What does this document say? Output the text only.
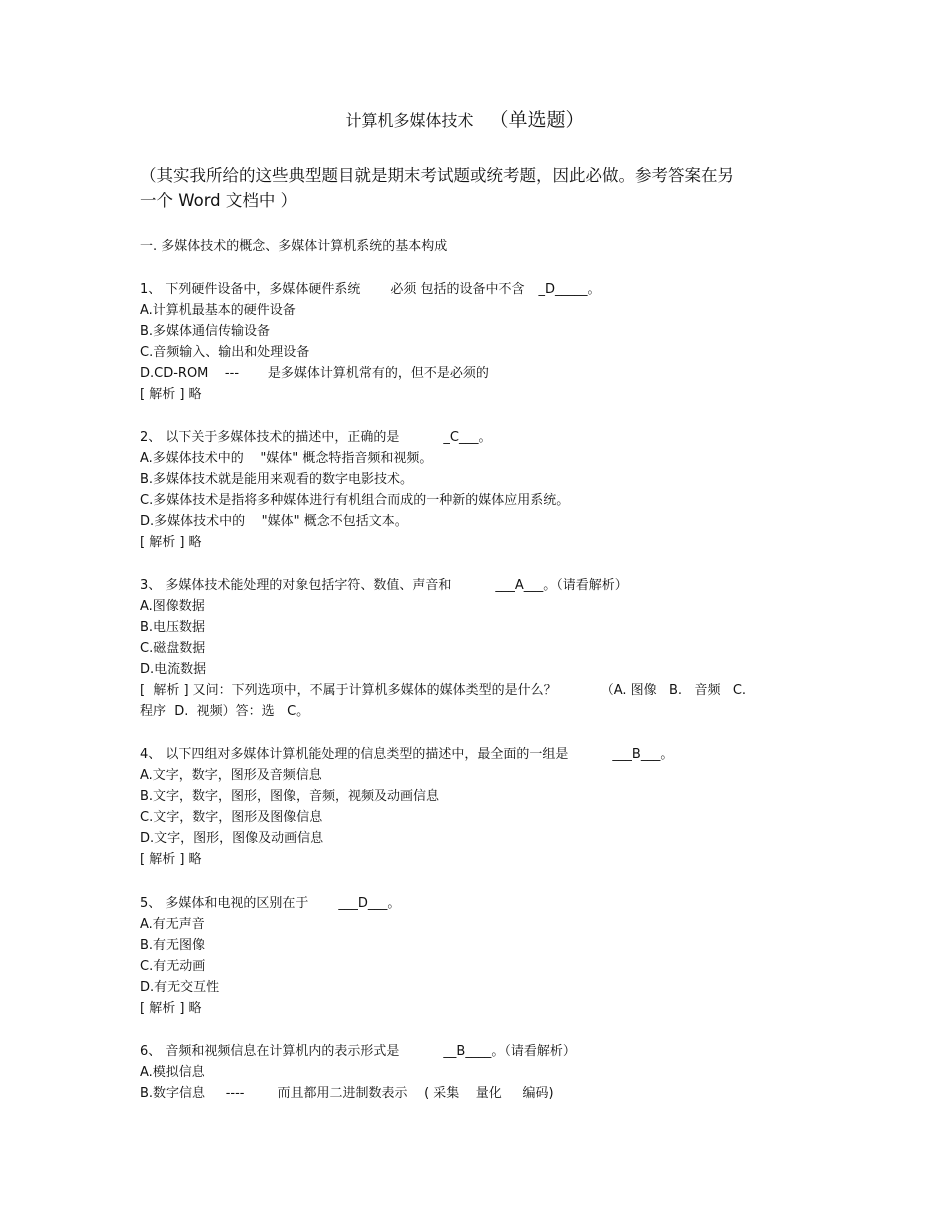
计算机多媒体技术 （单选题）
（其实我所给的这些典型题目就是期末考试题或统考题，因此必做。参考答案在另
一个 Word 文档中 ）
一. 多媒体技术的概念、多媒体计算机系统的基本构成
1、 下列硬件设备中，多媒体硬件系统 必须 包括的设备中不含 _D_____。
A.计算机最基本的硬件设备
B.多媒体通信传输设备
C.音频输入、输出和处理设备
D.CD-ROM    ---       是多媒体计算机常有的，但不是必须的
[ 解析 ] 略
2、 以下关于多媒体技术的描述中，正确的是	_C___。
A.多媒体技术中的    "媒体" 概念特指音频和视频。
B.多媒体技术就是能用来观看的数字电影技术。
C.多媒体技术是指将多种媒体进行有机组合而成的一种新的媒体应用系统。
D.多媒体技术中的    "媒体" 概念不包括文本。
[ 解析 ] 略
3、 多媒体技术能处理的对象包括字符、数值、声音和	___A___。（请看解析）
A.图像数据
B.电压数据
C.磁盘数据
D.电流数据
[  解析 ] 又问：下列选项中，不属于计算机多媒体的媒体类型的是什么？	（A. 图像   B.   音频   C.
程序  D.  视频）答：选   C。
4、 以下四组对多媒体计算机能处理的信息类型的描述中，最全面的一组是	___B___。
A.文字，数字，图形及音频信息
B.文字，数字，图形，图像，音频，视频及动画信息
C.文字，数字，图形及图像信息
D.文字，图形，图像及动画信息
[ 解析 ] 略
5、 多媒体和电视的区别在于 ___D___。
A.有无声音
B.有无图像
C.有无动画
D.有无交互性
[ 解析 ] 略
6、 音频和视频信息在计算机内的表示形式是	__B____。（请看解析）
A.模拟信息
B.数字信息     ----        而且都用二进制数表示    ( 采集    量化     编码)
